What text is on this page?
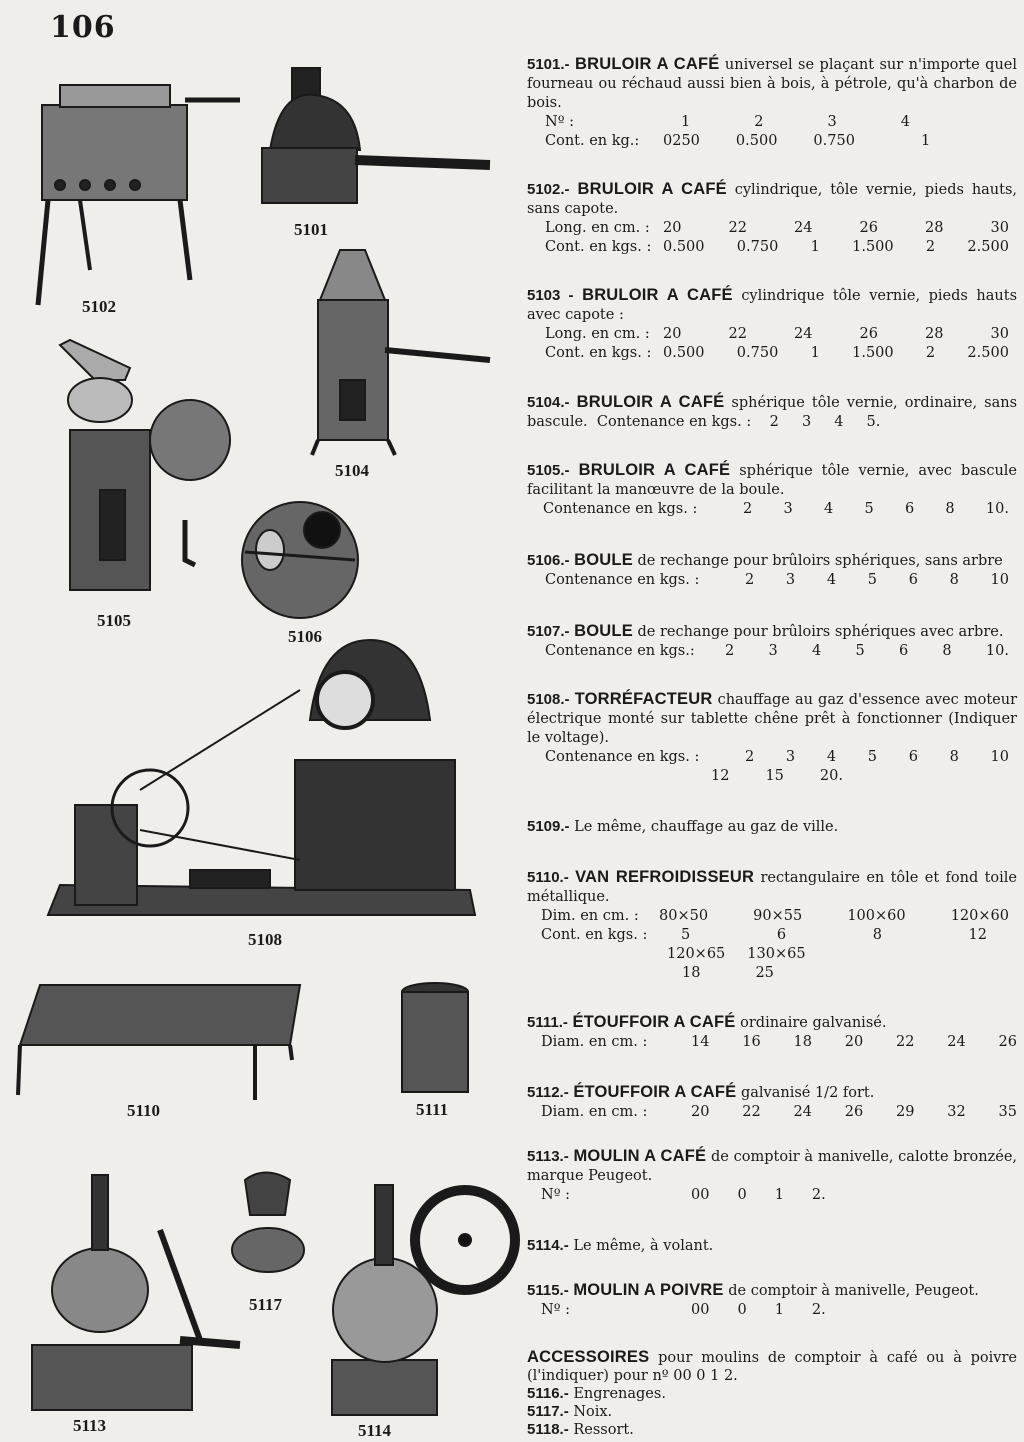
106
5101
5102
5104
5105
5106
5108
5110	5111
5117
5113	5114
5101.- BRULOIR A CAFÉ universel se plaçant sur n'importe quel fourneau ou réchaud aussi bien à bois, à pétrole, qu'à charbon de bois.
Nº :	1	2	3	4
Cont. en kg.:	0250 0.500 0.750	1
5102.- BRULOIR A CAFÉ cylindrique, tôle vernie, pieds hauts, sans capote.
Long. en cm. : 20	22	24	26	28	30
Cont. en kgs. : 0.500 0.750 1 1.500 2 2.500
5103 - BRULOIR A CAFÉ cylindrique tôle vernie, pieds hauts avec capote :
Long. en cm. : 20	22	24	26	28	30
Cont. en kgs. : 0.500 0.750 1 1.500 2 2.500
5104.- BRULOIR A CAFÉ sphérique tôle vernie, ordinaire, sans bascule. Contenance en kgs. : 2 3 4 5.
5105.- BRULOIR A CAFÉ sphérique tôle vernie, avec bascule facilitant la manœuvre de la boule.
Contenance en kgs. :	2 3 4 5 6 8 10.
5106.- BOULE de rechange pour brûloirs sphériques, sans arbre
Contenance en kgs. :	2 3 4 5 6 8 10
5107.- BOULE de rechange pour brûloirs sphériques avec arbre.
Contenance en kgs.:	2 3 4 5 6 8 10.
5108.- TORRÉFACTEUR chauffage au gaz d'essence avec moteur électrique monté sur tablette chêne prêt à fonctionner (Indiquer le voltage).
Contenance en kgs. :	2 3 4 5 6 8 10
12 15 20.
5109.- Le même, chauffage au gaz de ville.
5110.- VAN REFROIDISSEUR rectangulaire en tôle et fond toile métallique.
Dim. en cm. :	80×50	90×55	100×60	120×60
Cont. en kgs. :	5	6	8	12
120×65 130×65
18	25
5111.- ÉTOUFFOIR A CAFÉ ordinaire galvanisé.
Diam. en cm. :	14 16 18 20 22 24 26
5112.- ÉTOUFFOIR A CAFÉ galvanisé 1/2 fort.
Diam. en cm. :	20 22 24 26 29 32 35
5113.- MOULIN A CAFÉ de comptoir à manivelle, calotte bronzée, marque Peugeot.
Nº :	00 0 1 2.
5114.- Le même, à volant.
5115.- MOULIN A POIVRE de comptoir à manivelle, Peugeot.
Nº :	00 0 1 2.
ACCESSOIRES pour moulins de comptoir à café ou à poivre (l'indiquer) pour nº 00 0 1 2.
5116.- Engrenages.
5117.- Noix.
5118.- Ressort.
